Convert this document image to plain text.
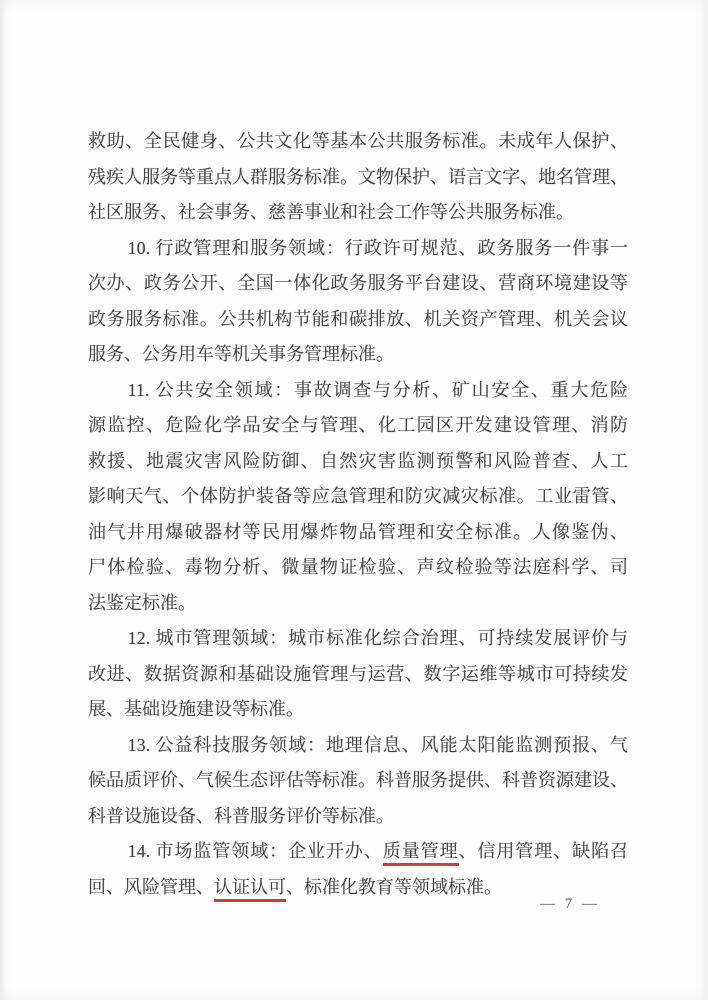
救助、全民健身、公共文化等基本公共服务标准。未成年人保护、
残疾人服务等重点人群服务标准。文物保护、语言文字、地名管理、
社区服务、社会事务、慈善事业和社会工作等公共服务标准。
10. 行政管理和服务领域：行政许可规范、政务服务一件事一
次办、政务公开、全国一体化政务服务平台建设、营商环境建设等
政务服务标准。公共机构节能和碳排放、机关资产管理、机关会议
服务、公务用车等机关事务管理标准。
11. 公共安全领域：事故调查与分析、矿山安全、重大危险
源监控、危险化学品安全与管理、化工园区开发建设管理、消防
救援、地震灾害风险防御、自然灾害监测预警和风险普查、人工
影响天气、个体防护装备等应急管理和防灾减灾标准。工业雷管、
油气井用爆破器材等民用爆炸物品管理和安全标准。人像鉴伪、
尸体检验、毒物分析、微量物证检验、声纹检验等法庭科学、司
法鉴定标准。
12. 城市管理领域：城市标准化综合治理、可持续发展评价与
改进、数据资源和基础设施管理与运营、数字运维等城市可持续发
展、基础设施建设等标准。
13. 公益科技服务领域：地理信息、风能太阳能监测预报、气
候品质评价、气候生态评估等标准。科普服务提供、科普资源建设、
科普设施设备、科普服务评价等标准。
14. 市场监管领域：企业开办、质量管理、信用管理、缺陷召
回、风险管理、认证认可、标准化教育等领域标准。
— 7 —
